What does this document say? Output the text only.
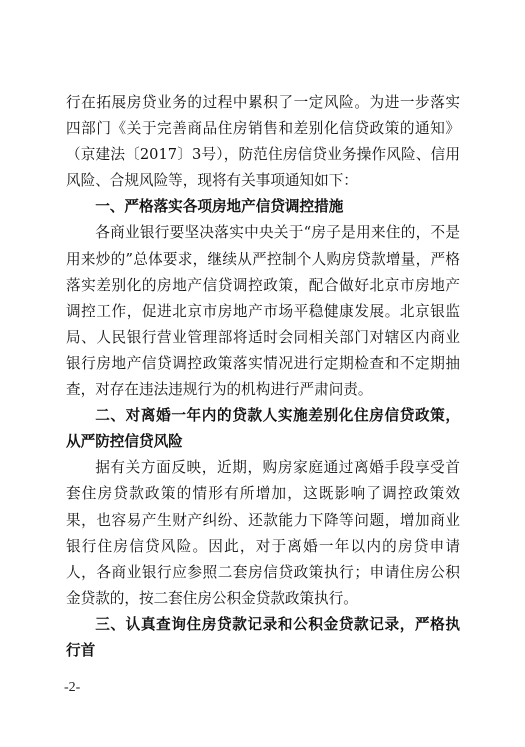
行在拓展房贷业务的过程中累积了一定风险。为进一步落实四部门《关于完善商品住房销售和差别化信贷政策的通知》（京建法〔2017〕3号），防范住房信贷业务操作风险、信用风险、合规风险等，现将有关事项通知如下：

一、严格落实各项房地产信贷调控措施

各商业银行要坚决落实中央关于“房子是用来住的，不是用来炒的”总体要求，继续从严控制个人购房贷款增量，严格落实差别化的房地产信贷调控政策，配合做好北京市房地产调控工作，促进北京市房地产市场平稳健康发展。北京银监局、人民银行营业管理部将适时会同相关部门对辖区内商业银行房地产信贷调控政策落实情况进行定期检查和不定期抽查，对存在违法违规行为的机构进行严肃问责。

二、对离婚一年内的贷款人实施差别化住房信贷政策，从严防控信贷风险

据有关方面反映，近期，购房家庭通过离婚手段享受首套住房贷款政策的情形有所增加，这既影响了调控政策效果，也容易产生财产纠纷、还款能力下降等问题，增加商业银行住房信贷风险。因此，对于离婚一年以内的房贷申请人，各商业银行应参照二套房信贷政策执行；申请住房公积金贷款的，按二套住房公积金贷款政策执行。

三、认真查询住房贷款记录和公积金贷款记录，严格执行首

-2-
